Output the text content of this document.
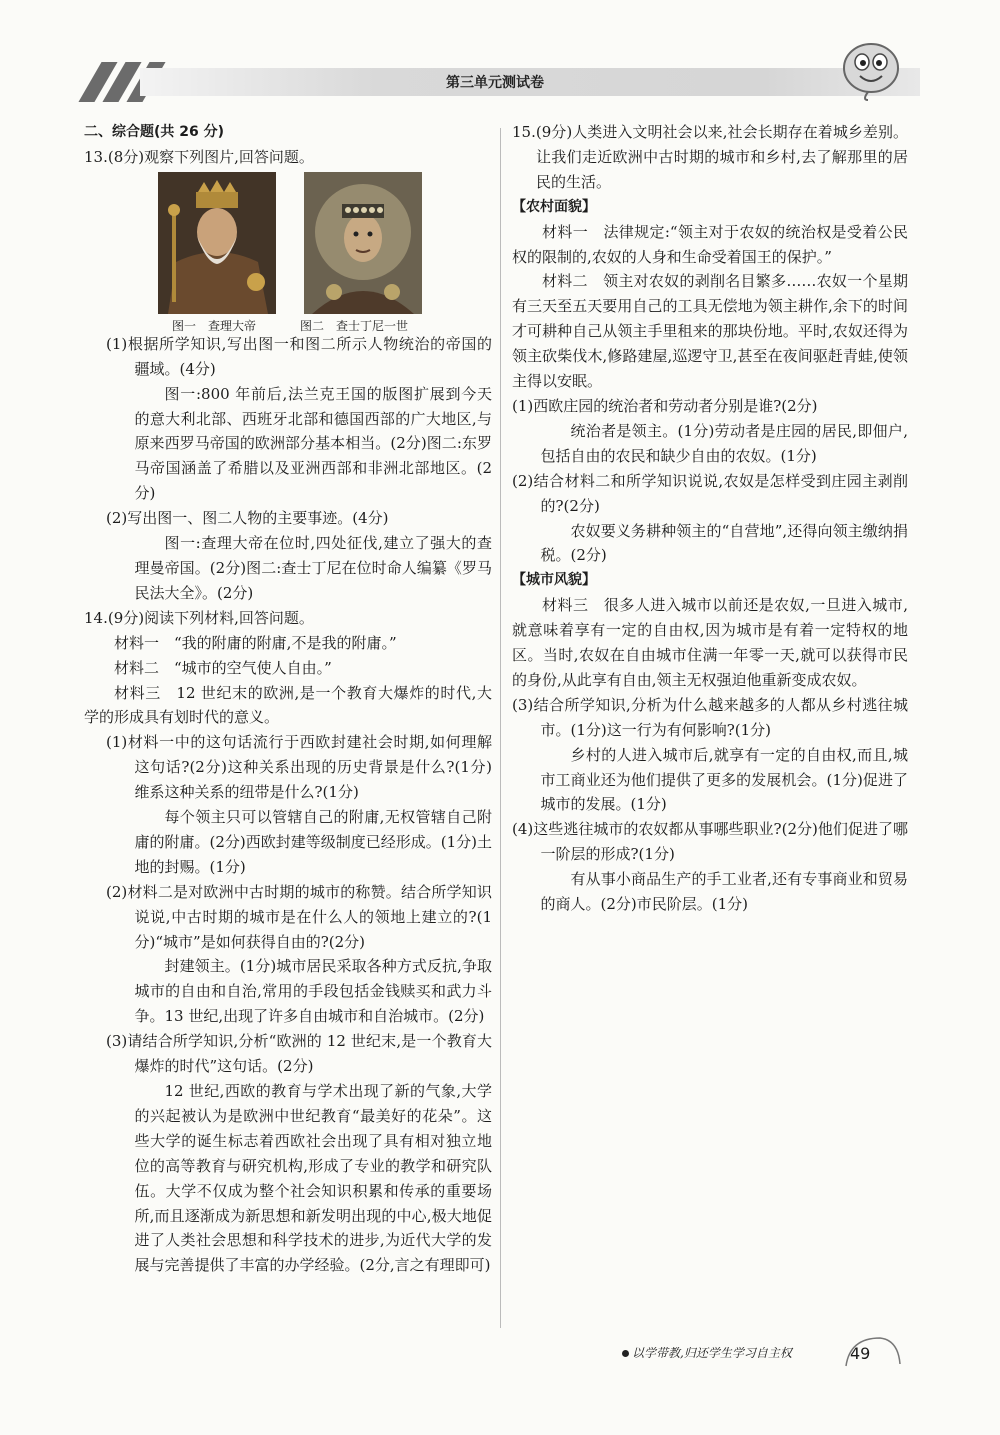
第三单元测试卷

二、综合题(共 26 分)

13.(8分)观察下列图片,回答问题。

图一　查理大帝	图二　查士丁尼一世

(1)根据所学知识,写出图一和图二所示人物统治的帝国的疆域。(4分)

图一:800 年前后,法兰克王国的版图扩展到今天的意大利北部、西班牙北部和德国西部的广大地区,与原来西罗马帝国的欧洲部分基本相当。(2分)图二:东罗马帝国涵盖了希腊以及亚洲西部和非洲北部地区。(2分)

(2)写出图一、图二人物的主要事迹。(4分)

图一:查理大帝在位时,四处征伐,建立了强大的查理曼帝国。(2分)图二:查士丁尼在位时命人编纂《罗马民法大全》。(2分)

14.(9分)阅读下列材料,回答问题。

材料一　“我的附庸的附庸,不是我的附庸。”

材料二　“城市的空气使人自由。”

材料三　12 世纪末的欧洲,是一个教育大爆炸的时代,大学的形成具有划时代的意义。

(1)材料一中的这句话流行于西欧封建社会时期,如何理解这句话?(2分)这种关系出现的历史背景是什么?(1分)维系这种关系的纽带是什么?(1分)

每个领主只可以管辖自己的附庸,无权管辖自己附庸的附庸。(2分)西欧封建等级制度已经形成。(1分)土地的封赐。(1分)

(2)材料二是对欧洲中古时期的城市的称赞。结合所学知识说说,中古时期的城市是在什么人的领地上建立的?(1分)“城市”是如何获得自由的?(2分)

封建领主。(1分)城市居民采取各种方式反抗,争取城市的自由和自治,常用的手段包括金钱赎买和武力斗争。13 世纪,出现了许多自由城市和自治城市。(2分)

(3)请结合所学知识,分析“欧洲的 12 世纪末,是一个教育大爆炸的时代”这句话。(2分)

12 世纪,西欧的教育与学术出现了新的气象,大学的兴起被认为是欧洲中世纪教育“最美好的花朵”。这些大学的诞生标志着西欧社会出现了具有相对独立地位的高等教育与研究机构,形成了专业的教学和研究队伍。大学不仅成为整个社会知识积累和传承的重要场所,而且逐渐成为新思想和新发明出现的中心,极大地促进了人类社会思想和科学技术的进步,为近代大学的发展与完善提供了丰富的办学经验。(2分,言之有理即可)

15.(9分)人类进入文明社会以来,社会长期存在着城乡差别。让我们走近欧洲中古时期的城市和乡村,去了解那里的居民的生活。

【农村面貌】

材料一　法律规定:“领主对于农奴的统治权是受着公民权的限制的,农奴的人身和生命受着国王的保护。”

材料二　领主对农奴的剥削名目繁多……农奴一个星期有三天至五天要用自己的工具无偿地为领主耕作,余下的时间才可耕种自己从领主手里租来的那块份地。平时,农奴还得为领主砍柴伐木,修路建屋,巡逻守卫,甚至在夜间驱赶青蛙,使领主得以安眠。

(1)西欧庄园的统治者和劳动者分别是谁?(2分)

统治者是领主。(1分)劳动者是庄园的居民,即佃户,包括自由的农民和缺少自由的农奴。(1分)

(2)结合材料二和所学知识说说,农奴是怎样受到庄园主剥削的?(2分)

农奴要义务耕种领主的“自营地”,还得向领主缴纳捐税。(2分)

【城市风貌】

材料三　很多人进入城市以前还是农奴,一旦进入城市,就意味着享有一定的自由权,因为城市是有着一定特权的地区。当时,农奴在自由城市住满一年零一天,就可以获得市民的身份,从此享有自由,领主无权强迫他重新变成农奴。

(3)结合所学知识,分析为什么越来越多的人都从乡村逃往城市。(1分)这一行为有何影响?(1分)

乡村的人进入城市后,就享有一定的自由权,而且,城市工商业还为他们提供了更多的发展机会。(1分)促进了城市的发展。(1分)

(4)这些逃往城市的农奴都从事哪些职业?(2分)他们促进了哪一阶层的形成?(1分)

有从事小商品生产的手工业者,还有专事商业和贸易的商人。(2分)市民阶层。(1分)

以学带教,归还学生学习自主权	49
